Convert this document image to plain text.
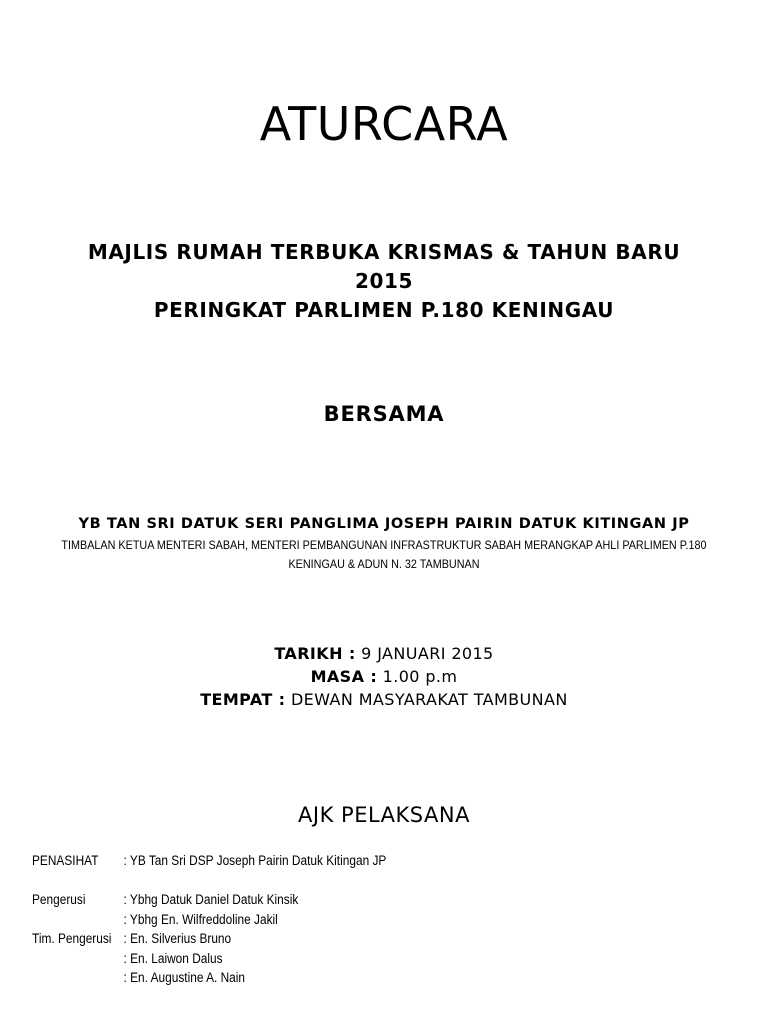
ATURCARA
MAJLIS RUMAH TERBUKA KRISMAS & TAHUN BARU
2015
PERINGKAT PARLIMEN P.180 KENINGAU
BERSAMA
YB TAN SRI DATUK SERI PANGLIMA JOSEPH PAIRIN DATUK KITINGAN JP
TIMBALAN KETUA MENTERI SABAH, MENTERI PEMBANGUNAN INFRASTRUKTUR SABAH MERANGKAP AHLI PARLIMEN P.180
KENINGAU & ADUN N. 32 TAMBUNAN
TARIKH : 9 JANUARI 2015
MASA : 1.00 p.m
TEMPAT : DEWAN MASYARAKAT TAMBUNAN
AJK PELAKSANA
PENASIHAT	: YB Tan Sri DSP Joseph Pairin Datuk Kitingan JP
Pengerusi	: Ybhg Datuk Daniel Datuk Kinsik
: Ybhg En. Wilfreddoline Jakil
Tim. Pengerusi : En. Silverius Bruno
: En. Laiwon Dalus
: En. Augustine A. Nain
